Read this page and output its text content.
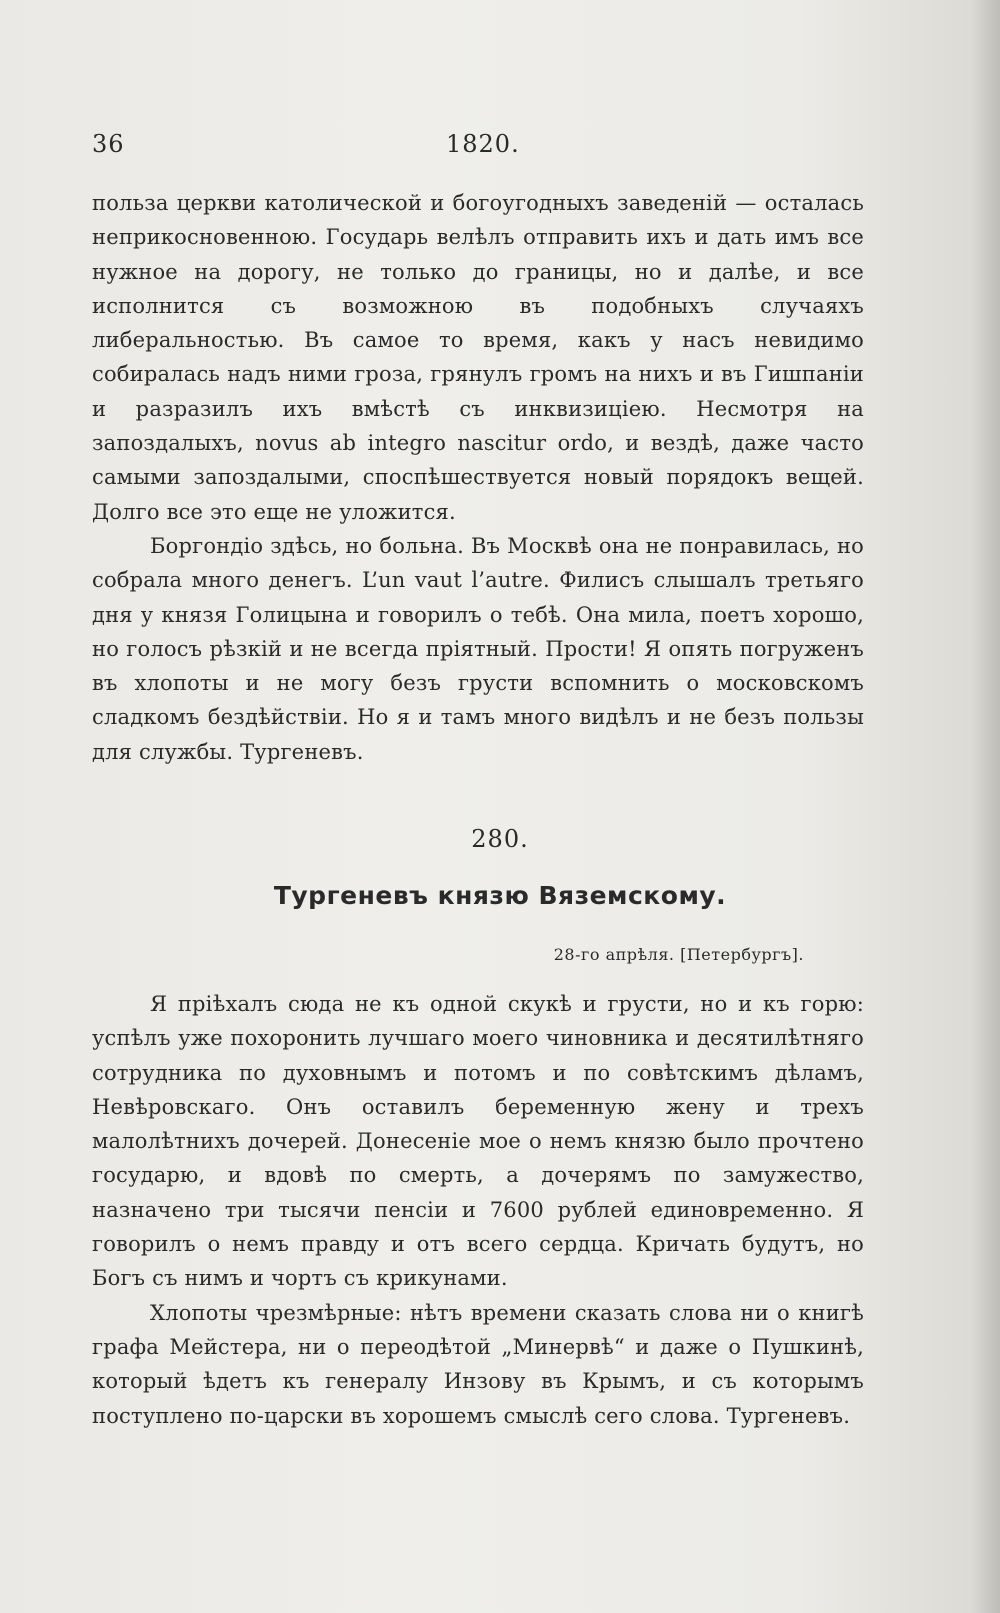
36	1820.

польза церкви католической и богоугодныхъ заведеній — осталась неприкосновенною. Государь велѣлъ отправить ихъ и дать имъ все нужное на дорогу, не только до границы, но и далѣе, и все исполнится съ возможною въ подобныхъ случаяхъ либеральностью. Въ самое то время, какъ у насъ невидимо собиралась надъ ними гроза, грянулъ громъ на нихъ и въ Гишпаніи и разразилъ ихъ вмѣстѣ съ инквизиціею. Несмотря на запоздалыхъ, novus ab integro nascitur ordo, и вездѣ, даже часто самыми запоздалыми, споспѣшествуется новый порядокъ вещей. Долго все это еще не уложится.

Боргондіо здѣсь, но больна. Въ Москвѣ она не понравилась, но собрала много денегъ. L’un vaut l’autre. Филисъ слышалъ третьяго дня у князя Голицына и говорилъ о тебѣ. Она мила, поетъ хорошо, но голосъ рѣзкій и не всегда пріятный. Прости! Я опять погруженъ въ хлопоты и не могу безъ грусти вспомнить о московскомъ сладкомъ бездѣйствіи. Но я и тамъ много видѣлъ и не безъ пользы для службы. Тургеневъ.

280.
Тургеневъ князю Вяземскому.
28-го апрѣля. [Петербургъ].

Я пріѣхалъ сюда не къ одной скукѣ и грусти, но и къ горю: успѣлъ уже похоронить лучшаго моего чиновника и десятилѣтняго сотрудника по духовнымъ и потомъ и по совѣтскимъ дѣламъ, Невѣровскаго. Онъ оставилъ беременную жену и трехъ малолѣтнихъ дочерей. Донесеніе мое о немъ князю было прочтено государю, и вдовѣ по смерть, а дочерямъ по замужество, назначено три тысячи пенсіи и 7600 рублей единовременно. Я говорилъ о немъ правду и отъ всего сердца. Кричать будутъ, но Богъ съ нимъ и чортъ съ крикунами.

Хлопоты чрезмѣрные: нѣтъ времени сказать слова ни о книгѣ графа Мейстера, ни о переодѣтой „Минервѣ“ и даже о Пушкинѣ, который ѣдетъ къ генералу Инзову въ Крымъ, и съ которымъ поступлено по-царски въ хорошемъ смыслѣ сего слова. Тургеневъ.
